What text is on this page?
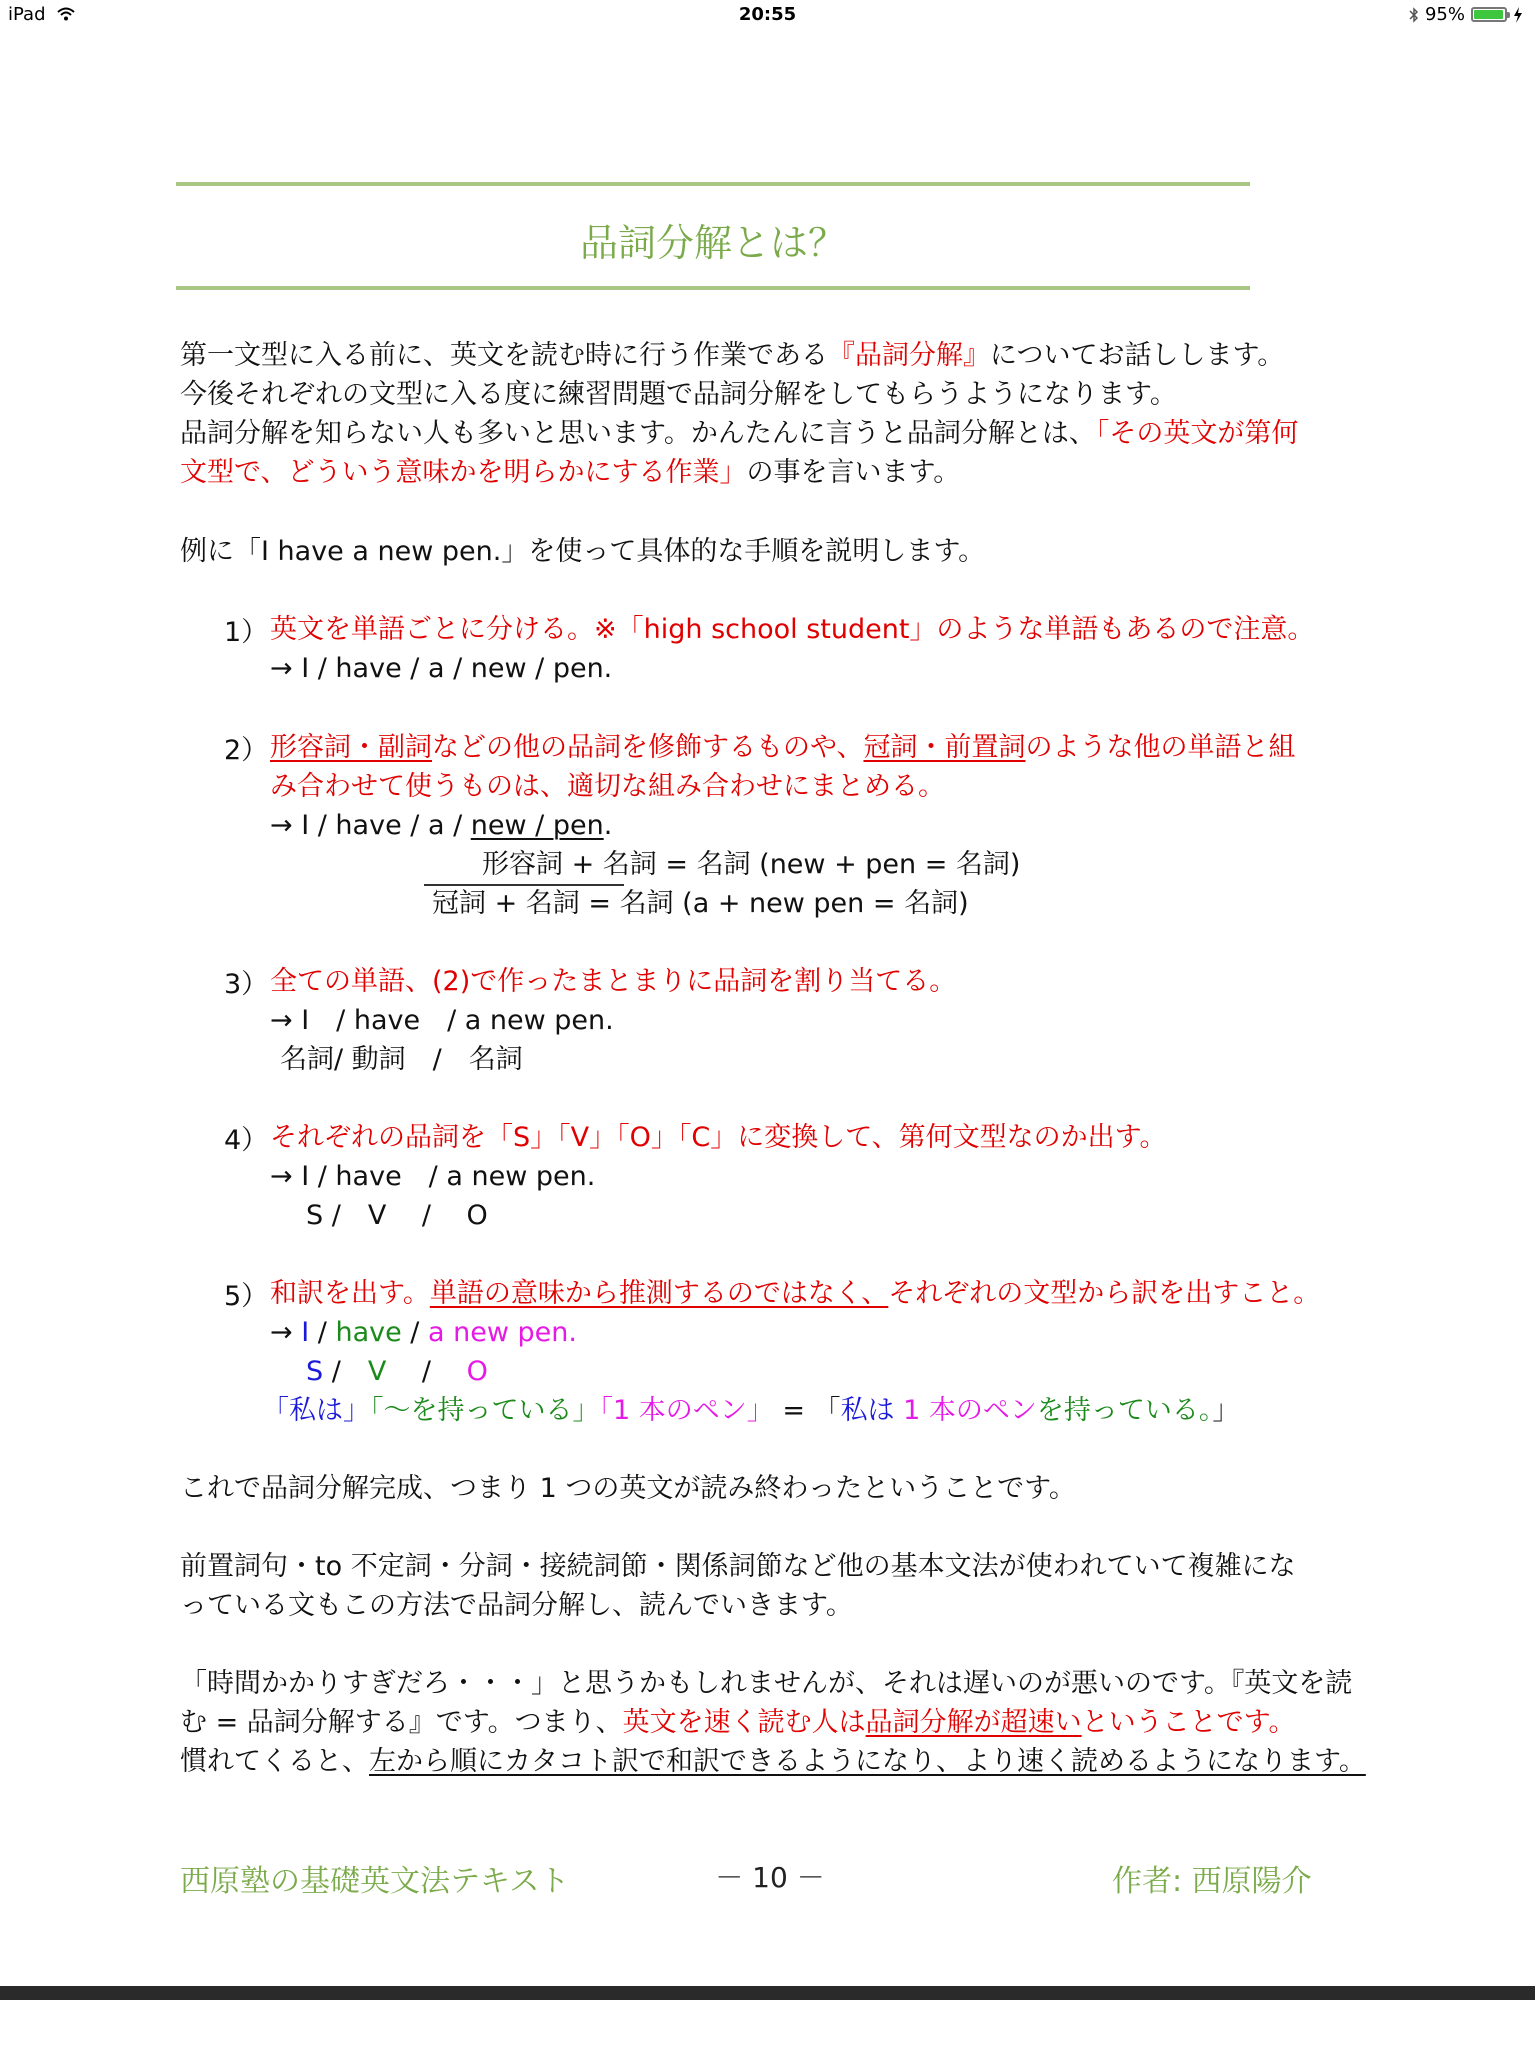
iPad	20:55	95%
品詞分解とは？
第一文型に入る前に、英文を読む時に行う作業である『品詞分解』についてお話しします。
今後それぞれの文型に入る度に練習問題で品詞分解をしてもらうようになります。
品詞分解を知らない人も多いと思います。かんたんに言うと品詞分解とは、「その英文が第何
文型で、どういう意味かを明らかにする作業」の事を言います。
例に「I have a new pen.」を使って具体的な手順を説明します。
1） 英文を単語ごとに分ける。※「high school student」のような単語もあるので注意。
→ I / have / a / new / pen.
2） 形容詞・副詞などの他の品詞を修飾するものや、冠詞・前置詞のような他の単語と組
み合わせて使うものは、適切な組み合わせにまとめる。
→ I / have / a / new / pen.
形容詞 + 名詞 = 名詞 (new + pen = 名詞)
冠詞 + 名詞 = 名詞 (a + new pen = 名詞)
3） 全ての単語、(2)で作ったまとまりに品詞を割り当てる。
→ I　/ have　/ a new pen.
名詞/ 動詞　/　名詞
4） それぞれの品詞を「S」「V」「O」「C」に変換して、第何文型なのか出す。
→ I / have　/ a new pen.
S /　V　 /　 O
5） 和訳を出す。単語の意味から推測するのではなく、それぞれの文型から訳を出すこと。
→ I / have / a new pen.
S /　V　 /　 O
「私は」「～を持っている」「1 本のペン」 = 「私は 1 本のペンを持っている。」
これで品詞分解完成、つまり 1 つの英文が読み終わったということです。
前置詞句・to 不定詞・分詞・接続詞節・関係詞節など他の基本文法が使われていて複雑にな
っている文もこの方法で品詞分解し、読んでいきます。
「時間かかりすぎだろ・・・」と思うかもしれませんが、それは遅いのが悪いのです。『英文を読
む = 品詞分解する』です。つまり、英文を速く読む人は品詞分解が超速いということです。
慣れてくると、左から順にカタコト訳で和訳できるようになり、より速く読めるようになります。
西原塾の基礎英文法テキスト	－ 10 －	作者: 西原陽介
